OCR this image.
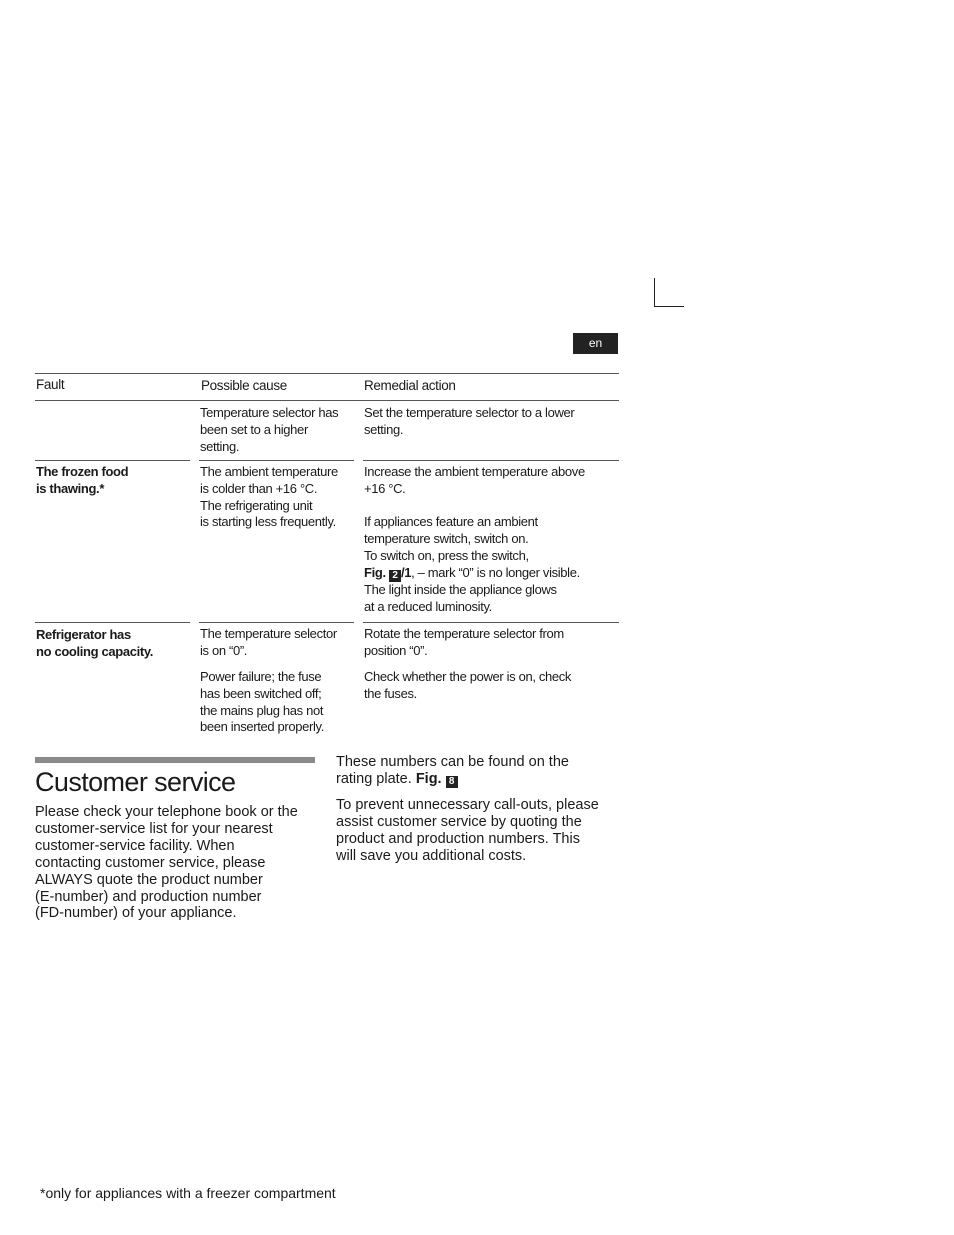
en
Fault	Possible cause	Remedial action

Temperature selector has

been set to a higher

setting.

Set the temperature selector to a lower

setting.

The frozen food

is thawing.*

The ambient temperature

is colder than +16 °C.

The refrigerating unit

is starting less frequently.

Increase the ambient temperature above

+16 °C.

If appliances feature an ambient

temperature switch, switch on.

To switch on, press the switch,

Fig. 2 /1, – mark “0” is no longer visible.

The light inside the appliance glows

at a reduced luminosity.

Refrigerator has

no cooling capacity.

The temperature selector

is on “0”.

Power failure; the fuse

has been switched off;

the mains plug has not

been inserted properly.

Rotate the temperature selector from

position “0”.

Check whether the power is on, check

the fuses.

Customer service

Please check your telephone book or the
customer-service list for your nearest
customer-service facility. When
contacting customer service, please
ALWAYS quote the product number
(E-number) and production number
(FD-number) of your appliance.

These numbers can be found on the
rating plate. Fig. 8

To prevent unnecessary call-outs, please
assist customer service by quoting the
product and production numbers. This
will save you additional costs.

*only for appliances with a freezer compartment
